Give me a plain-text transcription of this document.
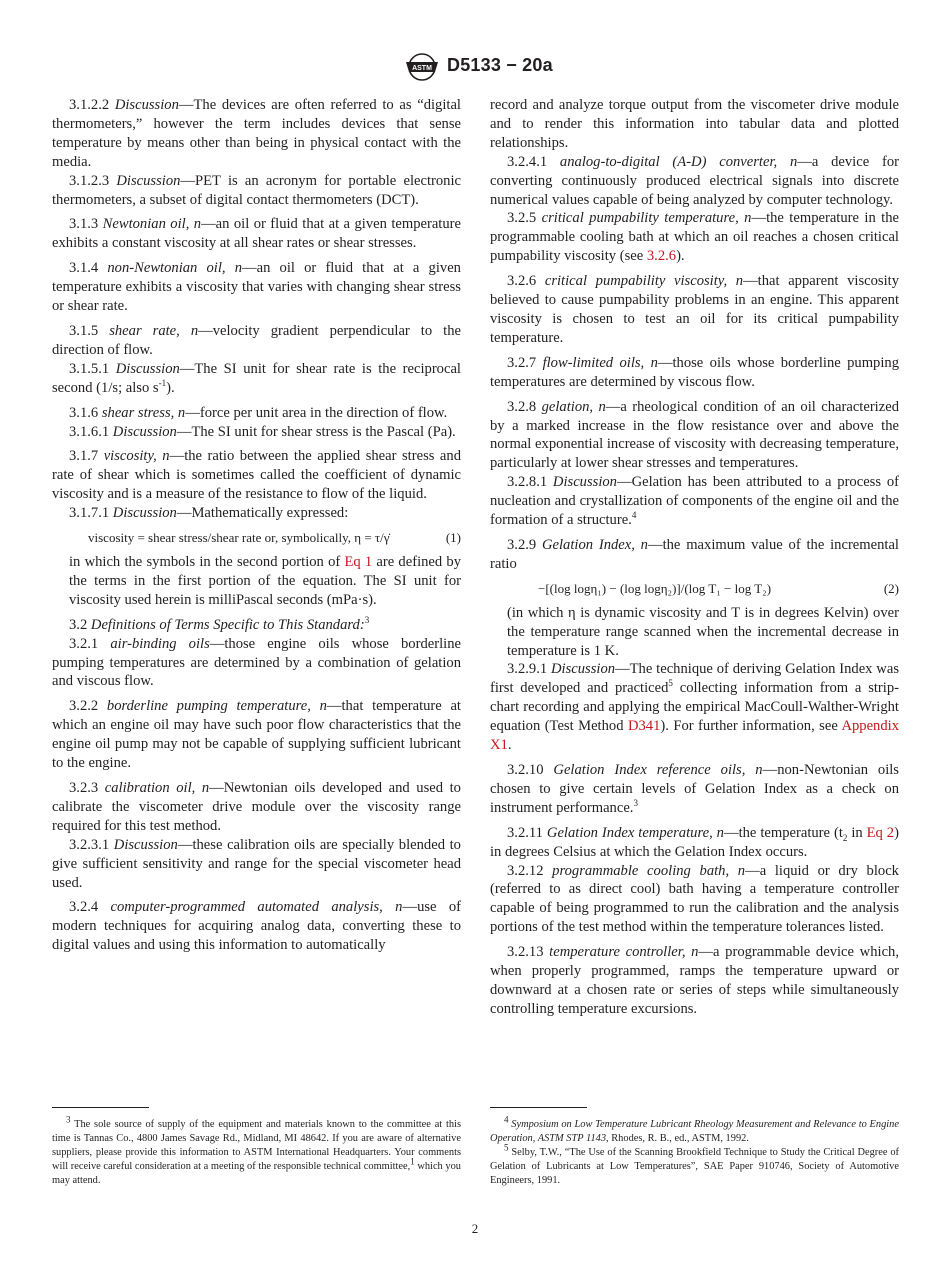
ASTM D5133 − 20a

3.1.2.2 Discussion—The devices are often referred to as “digital thermometers,” however the term includes devices that sense temperature by means other than being in physical contact with the media.

3.1.2.3 Discussion—PET is an acronym for portable electronic thermometers, a subset of digital contact thermometers (DCT).

3.1.3 Newtonian oil, n—an oil or fluid that at a given temperature exhibits a constant viscosity at all shear rates or shear stresses.

3.1.4 non-Newtonian oil, n—an oil or fluid that at a given temperature exhibits a viscosity that varies with changing shear stress or shear rate.

3.1.5 shear rate, n—velocity gradient perpendicular to the direction of flow.

3.1.5.1 Discussion—The SI unit for shear rate is the reciprocal second (1/s; also $s^{-1}$).

3.1.6 shear stress, n—force per unit area in the direction of flow.

3.1.6.1 Discussion—The SI unit for shear stress is the Pascal (Pa).

3.1.7 viscosity, n—the ratio between the applied shear stress and rate of shear which is sometimes called the coefficient of dynamic viscosity and is a measure of the resistance to flow of the liquid.

3.1.7.1 Discussion—Mathematically expressed:

viscosity = shear stress/shear rate or, symbolically, η = τ/γ̇	(1)

in which the symbols in the second portion of Eq 1 are defined by the terms in the first portion of the equation. The SI unit for viscosity used herein is milliPascal seconds (mPa·s).

3.2 Definitions of Terms Specific to This Standard:$^3$

3.2.1 air-binding oils—those engine oils whose borderline pumping temperatures are determined by a combination of gelation and viscous flow.

3.2.2 borderline pumping temperature, n—that temperature at which an engine oil may have such poor flow characteristics that the engine oil pump may not be capable of supplying sufficient lubricant to the engine.

3.2.3 calibration oil, n—Newtonian oils developed and used to calibrate the viscometer drive module over the viscosity range required for this test method.

3.2.3.1 Discussion—these calibration oils are specially blended to give sufficient sensitivity and range for the special viscometer head used.

3.2.4 computer-programmed automated analysis, n—use of modern techniques for acquiring analog data, converting these to digital values and using this information to automatically

record and analyze torque output from the viscometer drive module and to render this information into tabular data and plotted relationships.

3.2.4.1 analog-to-digital (A-D) converter, n—a device for converting continuously produced electrical signals into discrete numerical values capable of being analyzed by computer technology.

3.2.5 critical pumpability temperature, n—the temperature in the programmable cooling bath at which an oil reaches a chosen critical pumpability viscosity (see 3.2.6).

3.2.6 critical pumpability viscosity, n—that apparent viscosity believed to cause pumpability problems in an engine. This apparent viscosity is chosen to test an oil for its critical pumpability temperature.

3.2.7 flow-limited oils, n—those oils whose borderline pumping temperatures are determined by viscous flow.

3.2.8 gelation, n—a rheological condition of an oil characterized by a marked increase in the flow resistance over and above the normal exponential increase of viscosity with decreasing temperature, particularly at lower shear stresses and temperatures.

3.2.8.1 Discussion—Gelation has been attributed to a process of nucleation and crystallization of components of the engine oil and the formation of a structure.$^4$

3.2.9 Gelation Index, n—the maximum value of the incremental ratio

−[(log logη₁) − (log logη₂)]/(log T₁ − log T₂)	(2)

(in which η is dynamic viscosity and T is in degrees Kelvin) over the temperature range scanned when the incremental decrease in temperature is 1 K.

3.2.9.1 Discussion—The technique of deriving Gelation Index was first developed and practiced$^5$ collecting information from a strip-chart recording and applying the empirical MacCoull-Walther-Wright equation (Test Method D341). For further information, see Appendix X1.

3.2.10 Gelation Index reference oils, n—non-Newtonian oils chosen to give certain levels of Gelation Index as a check on instrument performance.$^3$

3.2.11 Gelation Index temperature, n—the temperature ($t_2$ in Eq 2) in degrees Celsius at which the Gelation Index occurs.

3.2.12 programmable cooling bath, n—a liquid or dry block (referred to as direct cool) bath having a temperature controller capable of being programmed to run the calibration and the analysis portions of the test method within the temperature tolerances listed.

3.2.13 temperature controller, n—a programmable device which, when properly programmed, ramps the temperature upward or downward at a chosen rate or series of steps while simultaneously controlling temperature excursions.

$^3$ The sole source of supply of the equipment and materials known to the committee at this time is Tannas Co., 4800 James Savage Rd., Midland, MI 48642. If you are aware of alternative suppliers, please provide this information to ASTM International Headquarters. Your comments will receive careful consideration at a meeting of the responsible technical committee,$^1$ which you may attend.

$^4$ Symposium on Low Temperature Lubricant Rheology Measurement and Relevance to Engine Operation, ASTM STP 1143, Rhodes, R. B., ed., ASTM, 1992.

$^5$ Selby, T.W., “The Use of the Scanning Brookfield Technique to Study the Critical Degree of Gelation of Lubricants at Low Temperatures”, SAE Paper 910746, Society of Automotive Engineers, 1991.

2
